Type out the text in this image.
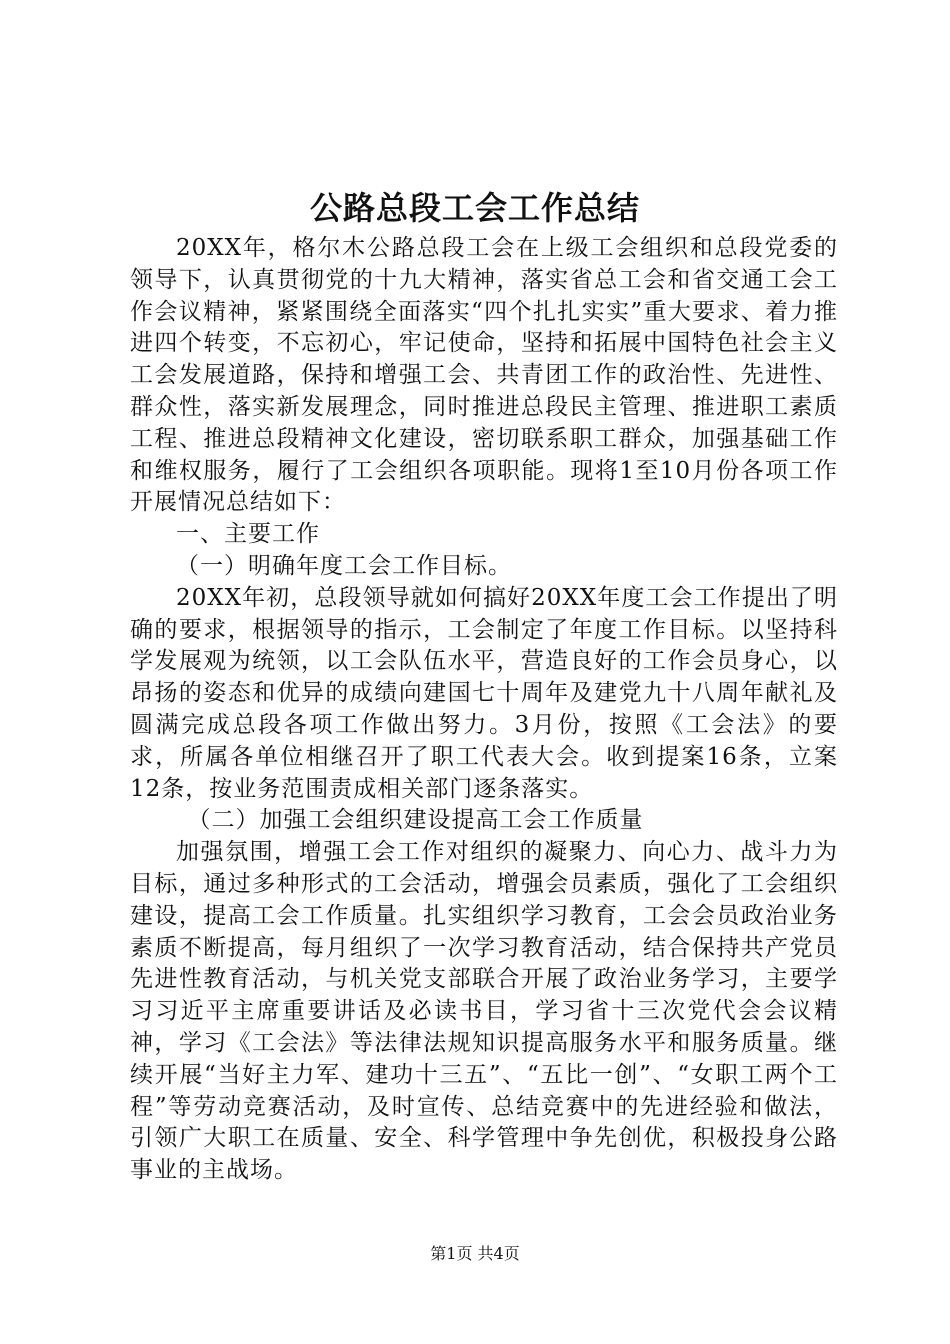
公路总段工会工作总结

20XX年，格尔木公路总段工会在上级工会组织和总段党委的领导下，认真贯彻党的十九大精神，落实省总工会和省交通工会工作会议精神，紧紧围绕全面落实“四个扎扎实实”重大要求、着力推进四个转变，不忘初心，牢记使命，坚持和拓展中国特色社会主义工会发展道路，保持和增强工会、共青团工作的政治性、先进性、群众性，落实新发展理念，同时推进总段民主管理、推进职工素质工程、推进总段精神文化建设，密切联系职工群众，加强基础工作和维权服务，履行了工会组织各项职能。现将1至10月份各项工作开展情况总结如下：

一、主要工作

（一）明确年度工会工作目标。

20XX年初，总段领导就如何搞好20XX年度工会工作提出了明确的要求，根据领导的指示，工会制定了年度工作目标。以坚持科学发展观为统领，以工会队伍水平，营造良好的工作会员身心，以昂扬的姿态和优异的成绩向建国七十周年及建党九十八周年献礼及圆满完成总段各项工作做出努力。3月份，按照《工会法》的要求，所属各单位相继召开了职工代表大会。收到提案16条，立案12条，按业务范围责成相关部门逐条落实。

（二）加强工会组织建设提高工会工作质量

加强氛围，增强工会工作对组织的凝聚力、向心力、战斗力为目标，通过多种形式的工会活动，增强会员素质，强化了工会组织建设，提高工会工作质量。扎实组织学习教育，工会会员政治业务素质不断提高，每月组织了一次学习教育活动，结合保持共产党员先进性教育活动，与机关党支部联合开展了政治业务学习，主要学习习近平主席重要讲话及必读书目，学习省十三次党代会会议精神，学习《工会法》等法律法规知识提高服务水平和服务质量。继续开展“当好主力军、建功十三五”、“五比一创”、“女职工两个工程”等劳动竞赛活动，及时宣传、总结竞赛中的先进经验和做法，引领广大职工在质量、安全、科学管理中争先创优，积极投身公路事业的主战场。

第1页 共4页
